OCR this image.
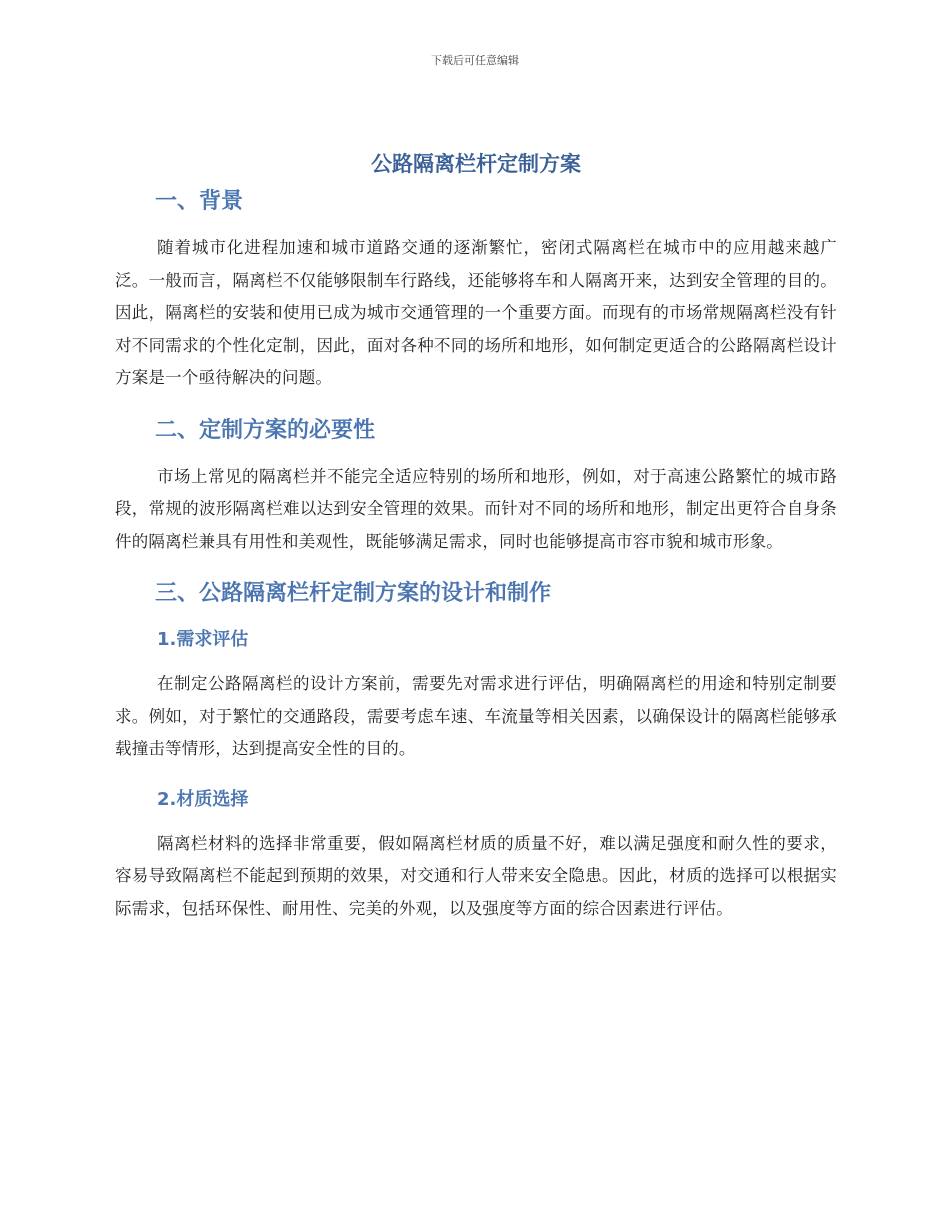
下载后可任意编辑
公路隔离栏杆定制方案
一、背景

随着城市化进程加速和城市道路交通的逐渐繁忙，密闭式隔离栏在城市中的应用越来越广泛。一般而言，隔离栏不仅能够限制车行路线，还能够将车和人隔离开来，达到安全管理的目的。因此，隔离栏的安装和使用已成为城市交通管理的一个重要方面。而现有的市场常规隔离栏没有针对不同需求的个性化定制，因此，面对各种不同的场所和地形，如何制定更适合的公路隔离栏设计方案是一个亟待解决的问题。

二、定制方案的必要性

市场上常见的隔离栏并不能完全适应特别的场所和地形，例如，对于高速公路繁忙的城市路段，常规的波形隔离栏难以达到安全管理的效果。而针对不同的场所和地形，制定出更符合自身条件的隔离栏兼具有用性和美观性，既能够满足需求，同时也能够提高市容市貌和城市形象。

三、公路隔离栏杆定制方案的设计和制作
1.需求评估

在制定公路隔离栏的设计方案前，需要先对需求进行评估，明确隔离栏的用途和特别定制要求。例如，对于繁忙的交通路段，需要考虑车速、车流量等相关因素，以确保设计的隔离栏能够承载撞击等情形，达到提高安全性的目的。

2.材质选择

隔离栏材料的选择非常重要，假如隔离栏材质的质量不好，难以满足强度和耐久性的要求，容易导致隔离栏不能起到预期的效果，对交通和行人带来安全隐患。因此，材质的选择可以根据实际需求，包括环保性、耐用性、完美的外观，以及强度等方面的综合因素进行评估。
